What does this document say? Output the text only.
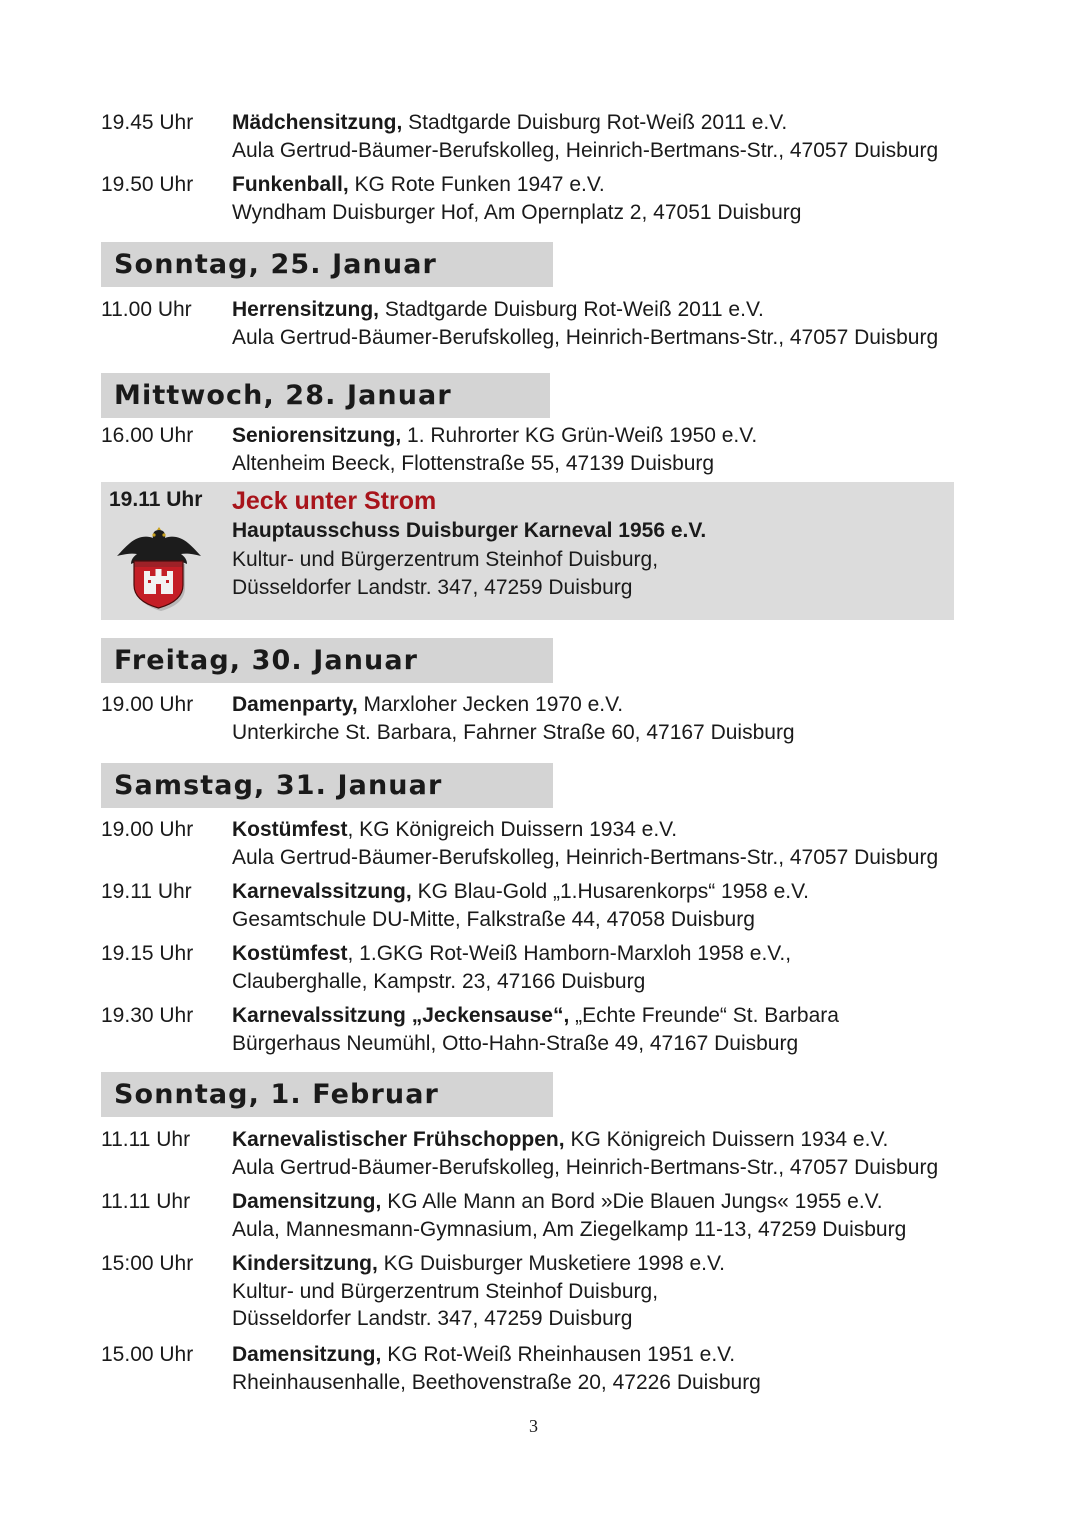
19.45 Uhr	Mädchensitzung, Stadtgarde Duisburg Rot-Weiß 2011 e.V.
Aula Gertrud-Bäumer-Berufskolleg, Heinrich-Bertmans-Str., 47057 Duisburg
19.50 Uhr	Funkenball, KG Rote Funken 1947 e.V.
Wyndham Duisburger Hof, Am Opernplatz 2, 47051 Duisburg
Sonntag, 25. Januar
11.00 Uhr	Herrensitzung, Stadtgarde Duisburg Rot-Weiß 2011 e.V.
Aula Gertrud-Bäumer-Berufskolleg, Heinrich-Bertmans-Str., 47057 Duisburg
Mittwoch, 28. Januar
16.00 Uhr	Seniorensitzung, 1. Ruhrorter KG Grün-Weiß 1950 e.V.
Altenheim Beeck, Flottenstraße 55, 47139 Duisburg
19.11 Uhr Jeck unter Strom
Hauptausschuss Duisburger Karneval 1956 e.V.
Kultur- und Bürgerzentrum Steinhof Duisburg,
Düsseldorfer Landstr. 347, 47259 Duisburg
Freitag, 30. Januar
19.00 Uhr	Damenparty, Marxloher Jecken 1970 e.V.
Unterkirche St. Barbara, Fahrner Straße 60, 47167 Duisburg
Samstag, 31. Januar
19.00 Uhr	Kostümfest, KG Königreich Duissern 1934 e.V.
Aula Gertrud-Bäumer-Berufskolleg, Heinrich-Bertmans-Str., 47057 Duisburg
19.11 Uhr	Karnevalssitzung, KG Blau-Gold „1.Husarenkorps“ 1958 e.V.
Gesamtschule DU-Mitte, Falkstraße 44, 47058 Duisburg
19.15 Uhr	Kostümfest, 1.GKG Rot-Weiß Hamborn-Marxloh 1958 e.V.,
Clauberghalle, Kampstr. 23, 47166 Duisburg
19.30 Uhr	Karnevalssitzung „Jeckensause“, „Echte Freunde“ St. Barbara
Bürgerhaus Neumühl, Otto-Hahn-Straße 49, 47167 Duisburg
Sonntag, 1. Februar
11.11 Uhr	Karnevalistischer Frühschoppen, KG Königreich Duissern 1934 e.V.
Aula Gertrud-Bäumer-Berufskolleg, Heinrich-Bertmans-Str., 47057 Duisburg
11.11 Uhr	Damensitzung, KG Alle Mann an Bord »Die Blauen Jungs« 1955 e.V.
Aula, Mannesmann-Gymnasium, Am Ziegelkamp 11-13, 47259 Duisburg
15:00 Uhr	Kindersitzung, KG Duisburger Musketiere 1998 e.V.
Kultur- und Bürgerzentrum Steinhof Duisburg,
Düsseldorfer Landstr. 347, 47259 Duisburg
15.00 Uhr	Damensitzung, KG Rot-Weiß Rheinhausen 1951 e.V.
Rheinhausenhalle, Beethovenstraße 20, 47226 Duisburg
3
